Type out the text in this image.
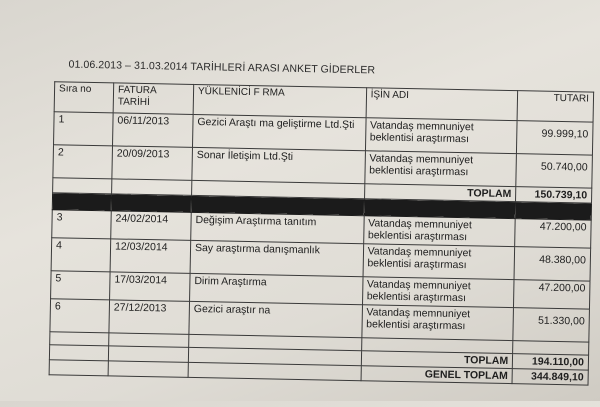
01.06.2013 – 31.03.2014 TARİHLERİ ARASI ANKET GİDERLER
Sıra no	FATURA TARİHİ	YÜKLENİCİ F RMA	İŞİN ADI	TUTARI
1	06/11/2013	Gezici Araştı ma geliştirme Ltd.Şti	Vatandaş memnuniyet beklentisi araştırması	99.999,10
2	20/09/2013	Sonar İletişim Ltd.Şti	Vatandaş memnuniyet beklentisi araştırması	50.740,00
			TOPLAM	150.739,10

3	24/02/2014	Değişim Araştırma tanıtım	Vatandaş memnuniyet beklentisi araştırması	47.200,00
4	12/03/2014	Say araştırma danışmanlık	Vatandaş memnuniyet beklentisi araştırması	48.380,00
5	17/03/2014	Dirim Araştırma	Vatandaş memnuniyet beklentisi araştırması	47.200,00
6	27/12/2013	Gezici araştır na	Vatandaş memnuniyet beklentisi araştırması	51.330,00

			TOPLAM	194.110,00
			GENEL TOPLAM	344.849,10
